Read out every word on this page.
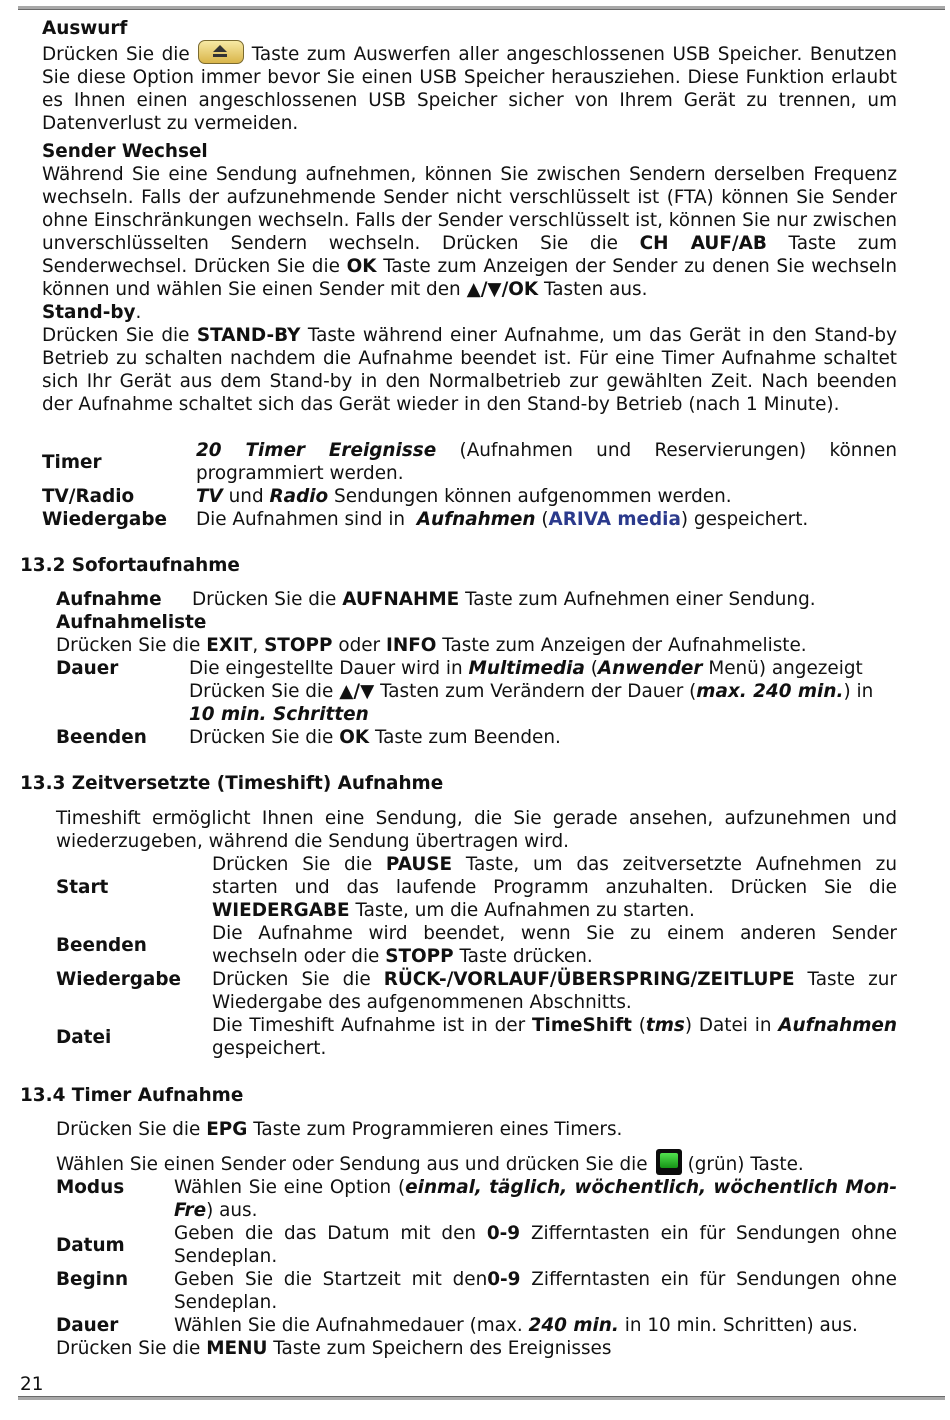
Auswurf

Drücken Sie die	Taste zum Auswerfen aller angeschlossenen USB Speicher. Benutzen Sie diese Option immer bevor Sie einen USB Speicher herausziehen. Diese Funktion erlaubt es Ihnen einen angeschlossenen USB Speicher sicher von Ihrem Gerät zu trennen, um Datenverlust zu vermeiden.

Sender Wechsel

Während Sie eine Sendung aufnehmen, können Sie zwischen Sendern derselben Frequenz wechseln. Falls der aufzunehmende Sender nicht verschlüsselt ist (FTA) können Sie Sender ohne Einschränkungen wechseln. Falls der Sender verschlüsselt ist, können Sie nur zwischen unverschlüsselten Sendern wechseln. Drücken Sie die CH AUF/AB Taste zum Senderwechsel. Drücken Sie die OK Taste zum Anzeigen der Sender zu denen Sie wechseln können und wählen Sie einen Sender mit den ▲/▼/OK Tasten aus.

Stand-by.

Drücken Sie die STAND-BY Taste während einer Aufnahme, um das Gerät in den Stand-by Betrieb zu schalten nachdem die Aufnahme beendet ist. Für eine Timer Aufnahme schaltet sich Ihr Gerät aus dem Stand-by in den Normalbetrieb zur gewählten Zeit. Nach beenden der Aufnahme schaltet sich das Gerät wieder in den Stand-by Betrieb (nach 1 Minute).

Timer	20 Timer Ereignisse (Aufnahmen und Reservierungen) können programmiert werden.
TV/Radio	TV und Radio Sendungen können aufgenommen werden.
Wiedergabe	Die Aufnahmen sind in Aufnahmen (ARIVA media) gespeichert.
13.2 Sofortaufnahme
Aufnahme Drücken Sie die AUFNAHME Taste zum Aufnehmen einer Sendung.
Aufnahmeliste
Drücken Sie die EXIT, STOPP oder INFO Taste zum Anzeigen der Aufnahmeliste.
Dauer	Die eingestellte Dauer wird in Multimedia (Anwender Menü) angezeigt Drücken Sie die ▲/▼ Tasten zum Verändern der Dauer (max. 240 min.) in 10 min. Schritten
Beenden	Drücken Sie die OK Taste zum Beenden.
13.3 Zeitversetzte (Timeshift) Aufnahme

Timeshift ermöglicht Ihnen eine Sendung, die Sie gerade ansehen, aufzunehmen und wiederzugeben, während die Sendung übertragen wird.

Start	Drücken Sie die PAUSE Taste, um das zeitversetzte Aufnehmen zu starten und das laufende Programm anzuhalten. Drücken Sie die WIEDERGABE Taste, um die Aufnahmen zu starten.
Beenden	Die Aufnahme wird beendet, wenn Sie zu einem anderen Sender wechseln oder die STOPP Taste drücken.
Wiedergabe	Drücken Sie die RÜCK-/VORLAUF/ÜBERSPRING/ZEITLUPE Taste zur Wiedergabe des aufgenommenen Abschnitts.
Datei	Die Timeshift Aufnahme ist in der TimeShift (tms) Datei in Aufnahmen gespeichert.
13.4 Timer Aufnahme
Drücken Sie die EPG Taste zum Programmieren eines Timers.
Wählen Sie einen Sender oder Sendung aus und drücken Sie die (grün) Taste.
Modus	Wählen Sie eine Option (einmal, täglich, wöchentlich, wöchentlich Mon-Fre) aus.
Datum	Geben die das Datum mit den 0-9 Zifferntasten ein für Sendungen ohne Sendeplan.
Beginn	Geben Sie die Startzeit mit den0-9 Zifferntasten ein für Sendungen ohne Sendeplan.
Dauer	Wählen Sie die Aufnahmedauer (max. 240 min. in 10 min. Schritten) aus.
Drücken Sie die MENU Taste zum Speichern des Ereignisses
21
